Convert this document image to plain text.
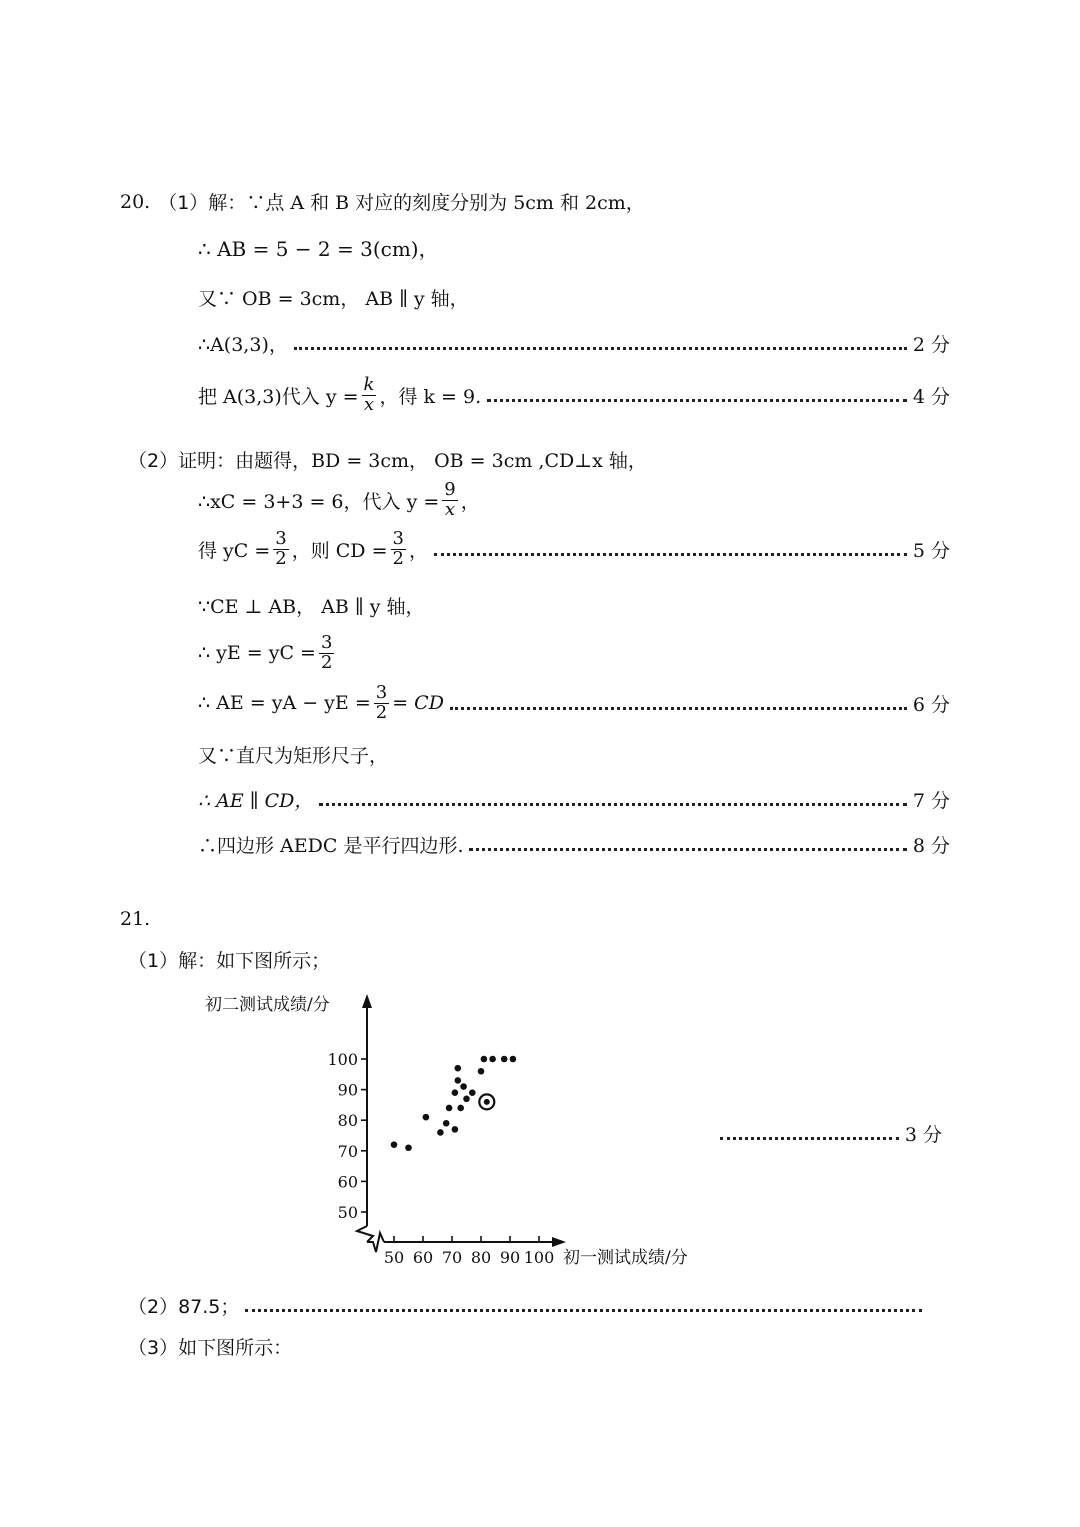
20. （1）解： ∵点 A 和 B 对应的刻度分别为 5cm 和 2cm，
∴ AB = 5 − 2 = 3(cm)，
又∵ OB = 3cm， AB ∥ y 轴，
∴A(3,3)，	2 分
把 A(3,3)代入 $y = \frac{k}{x}$ ，得 k = 9.	4 分
（2）证明： 由题得，BD = 3cm， OB = 3cm ,CD⊥x 轴，
∴xC = 3+3 = 6，代入 $y = \frac{9}{x}$ ，
得 yC = $\frac{3}{2}$ ，则 CD = $\frac{3}{2}$ ，	5 分
∵CE ⊥ AB， AB ∥ y 轴，
∴ yE = yC = $\frac{3}{2}$
∴ AE = yA − yE = $\frac{3}{2}$ = CD	6 分
又∵直尺为矩形尺子，
∴ AE ∥ CD，	7 分
∴四边形 AEDC 是平行四边形.	8 分
21.
（1）解：如下图所示；
初二测试成绩/分
初一测试成绩/分
50 60 70 80 90 100
50
60
70
80
90
100
3 分
（2）87.5；
（3）如下图所示：
